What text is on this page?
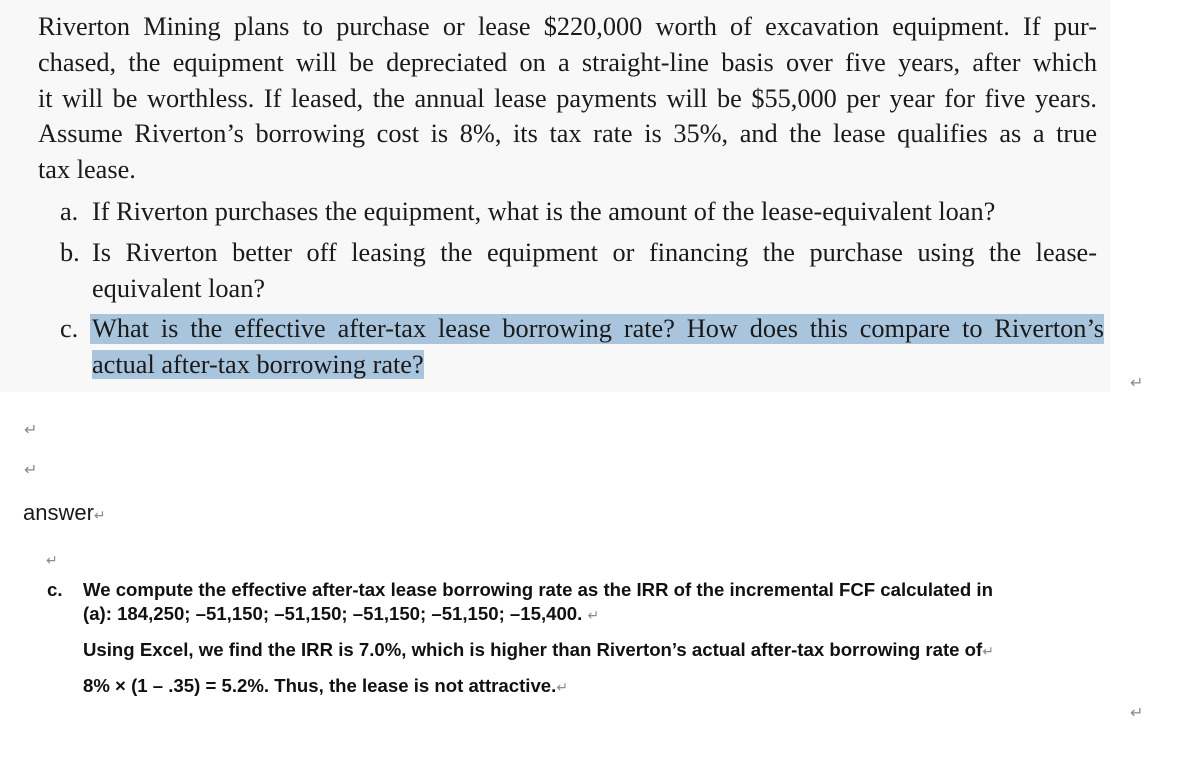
Riverton Mining plans to purchase or lease $220,000 worth of excavation equipment. If pur-
chased, the equipment will be depreciated on a straight-line basis over five years, after which
it will be worthless. If leased, the annual lease payments will be $55,000 per year for five years.
Assume Riverton’s borrowing cost is 8%, its tax rate is 35%, and the lease qualifies as a true
tax lease.
a. If Riverton purchases the equipment, what is the amount of the lease-equivalent loan?
b. Is Riverton better off leasing the equipment or financing the purchase using the lease-
equivalent loan?
c. What is the effective after-tax lease borrowing rate? How does this compare to Riverton’s
actual after-tax borrowing rate?
↵
↵
↵
answer↵
↵
c. We compute the effective after-tax lease borrowing rate as the IRR of the incremental FCF calculated in
(a): 184,250; –51,150; –51,150; –51,150; –51,150; –15,400. ↵
Using Excel, we find the IRR is 7.0%, which is higher than Riverton’s actual after-tax borrowing rate of↵
8% × (1 – .35) = 5.2%. Thus, the lease is not attractive.↵
↵
